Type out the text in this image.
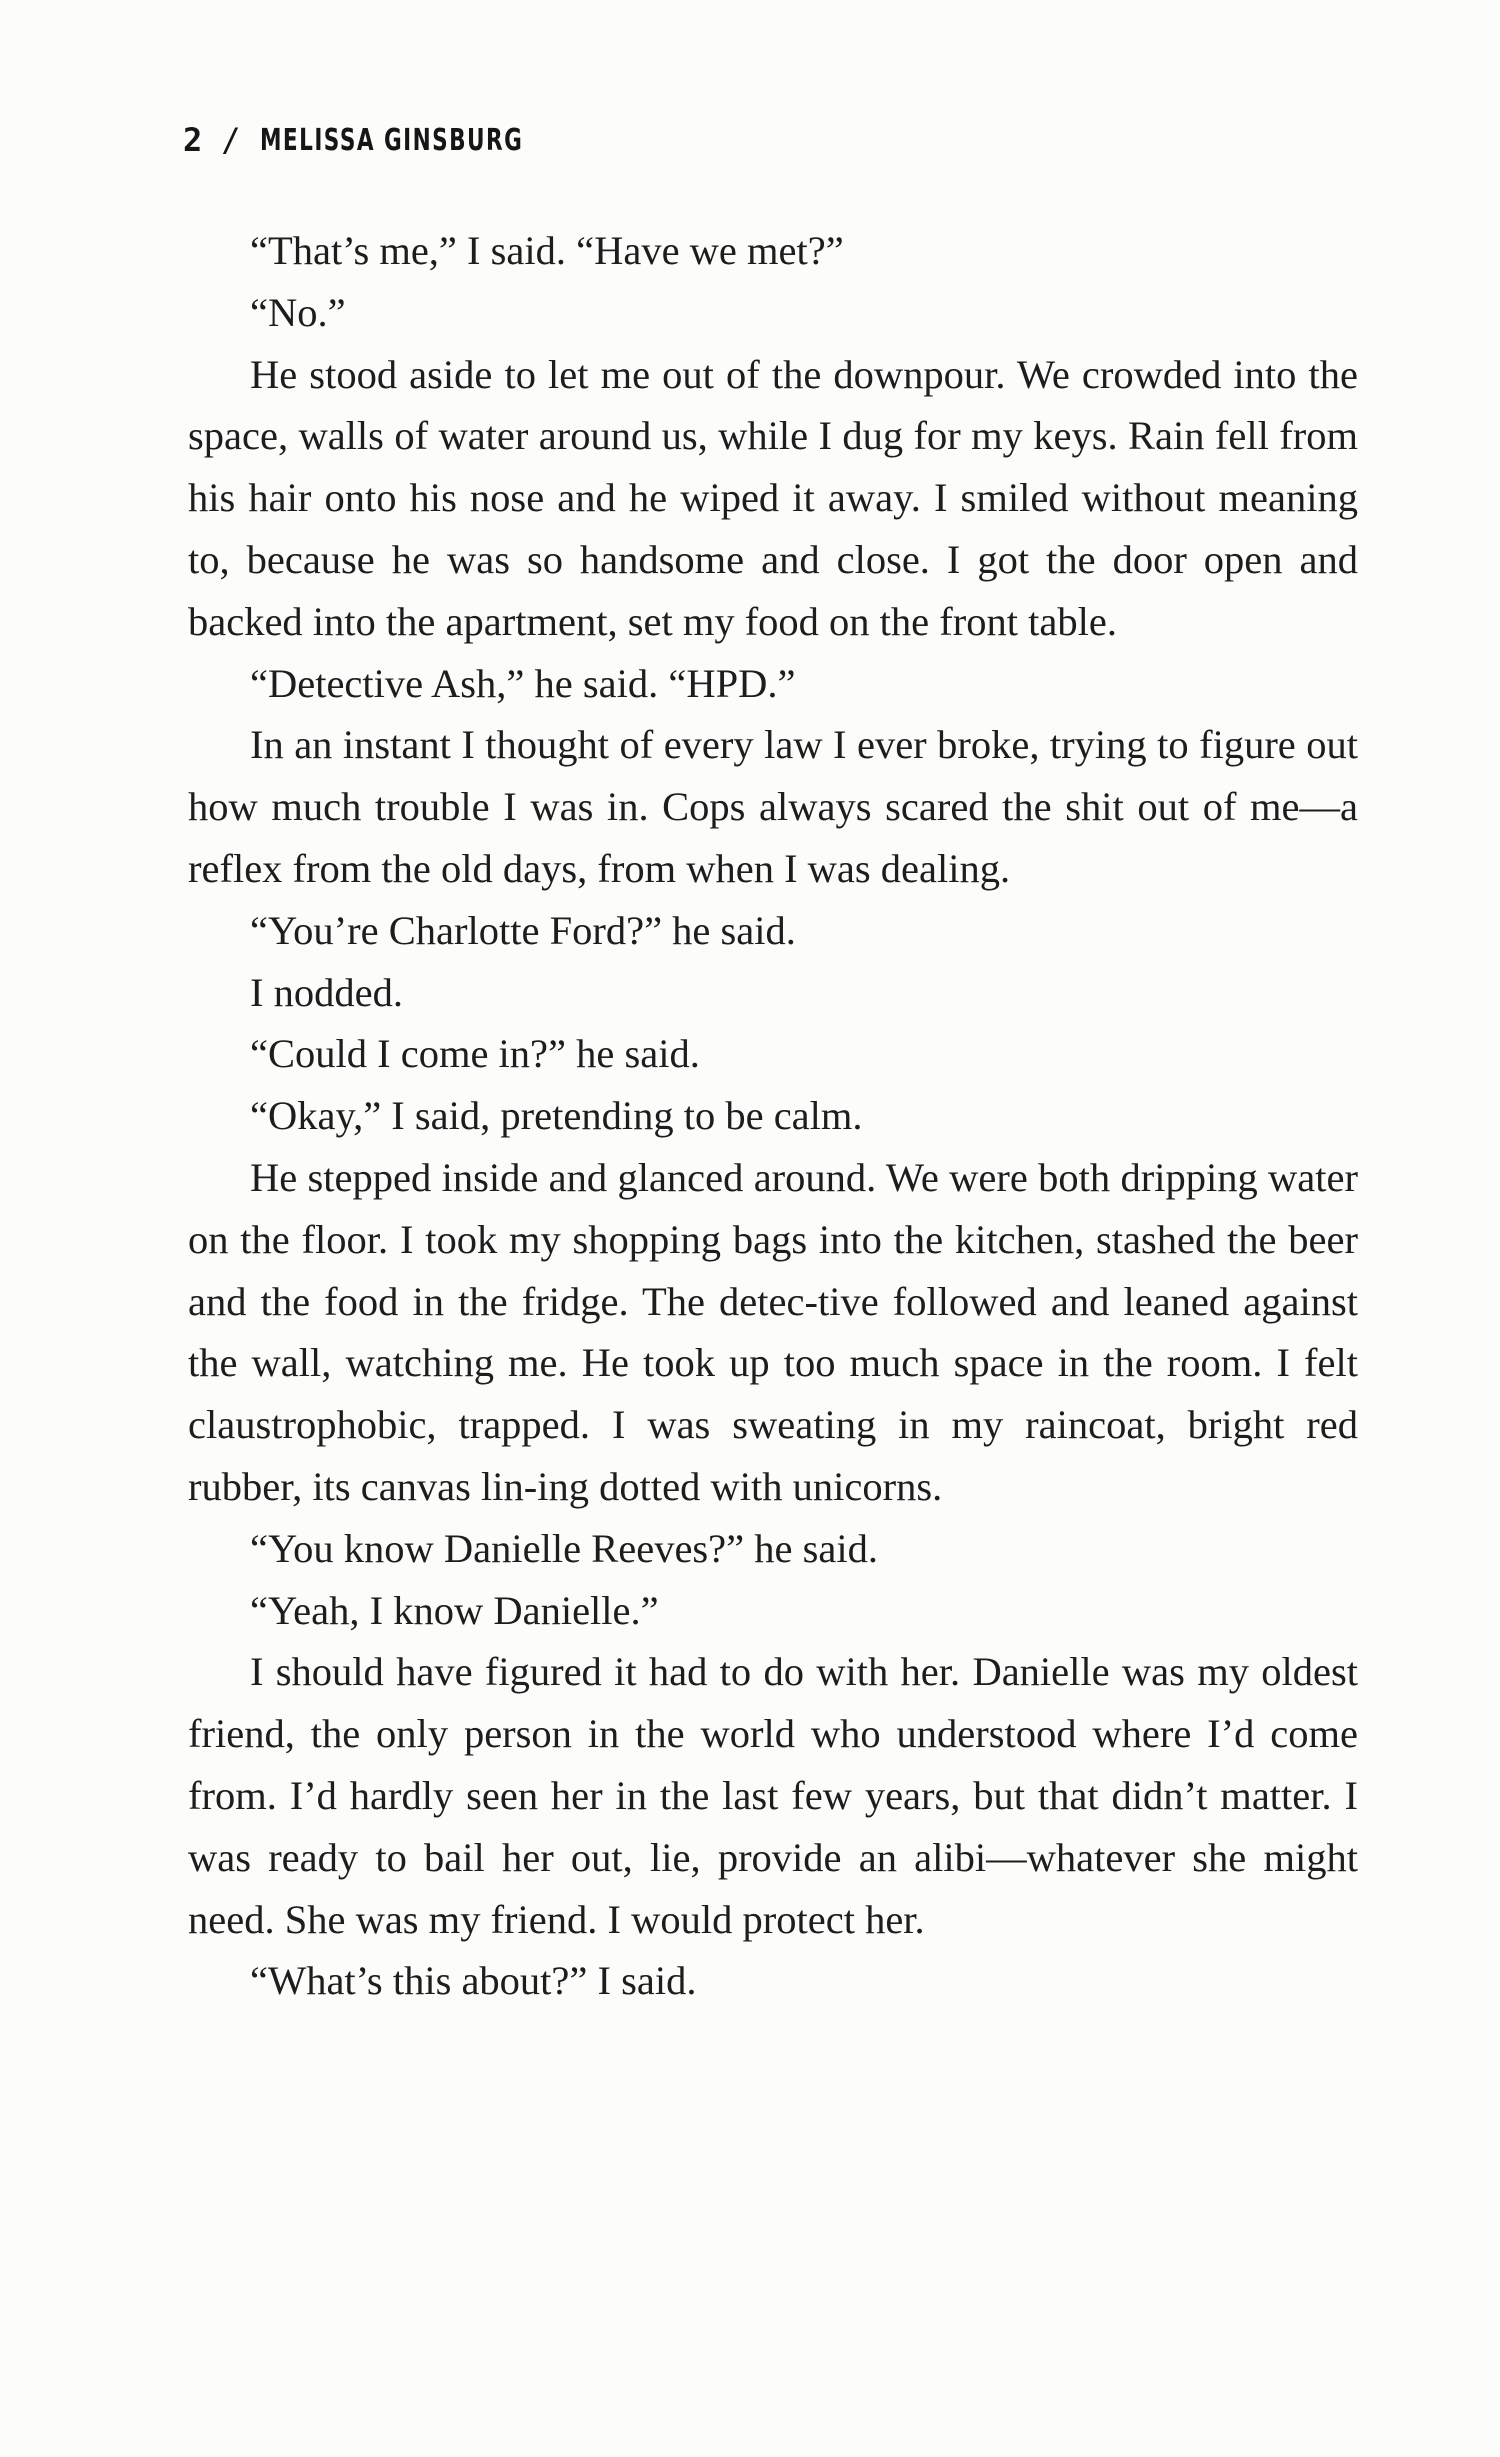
2 / MELISSA GINSBURG

“That’s me,” I said. “Have we met?”

“No.”

He stood aside to let me out of the downpour. We crowded into the space, walls of water around us, while I dug for my keys. Rain fell from his hair onto his nose and he wiped it away. I smiled without meaning to, because he was so handsome and close. I got the door open and backed into the apartment, set my food on the front table.

“Detective Ash,” he said. “HPD.”

In an instant I thought of every law I ever broke, trying to figure out how much trouble I was in. Cops always scared the shit out of me—a reflex from the old days, from when I was dealing.

“You’re Charlotte Ford?” he said.

I nodded.

“Could I come in?” he said.

“Okay,” I said, pretending to be calm.

He stepped inside and glanced around. We were both dripping water on the floor. I took my shopping bags into the kitchen, stashed the beer and the food in the fridge. The detec-tive followed and leaned against the wall, watching me. He took up too much space in the room. I felt claustrophobic, trapped. I was sweating in my raincoat, bright red rubber, its canvas lin-ing dotted with unicorns.

“You know Danielle Reeves?” he said.

“Yeah, I know Danielle.”

I should have figured it had to do with her. Danielle was my oldest friend, the only person in the world who understood where I’d come from. I’d hardly seen her in the last few years, but that didn’t matter. I was ready to bail her out, lie, provide an alibi—whatever she might need. She was my friend. I would protect her.

“What’s this about?” I said.
